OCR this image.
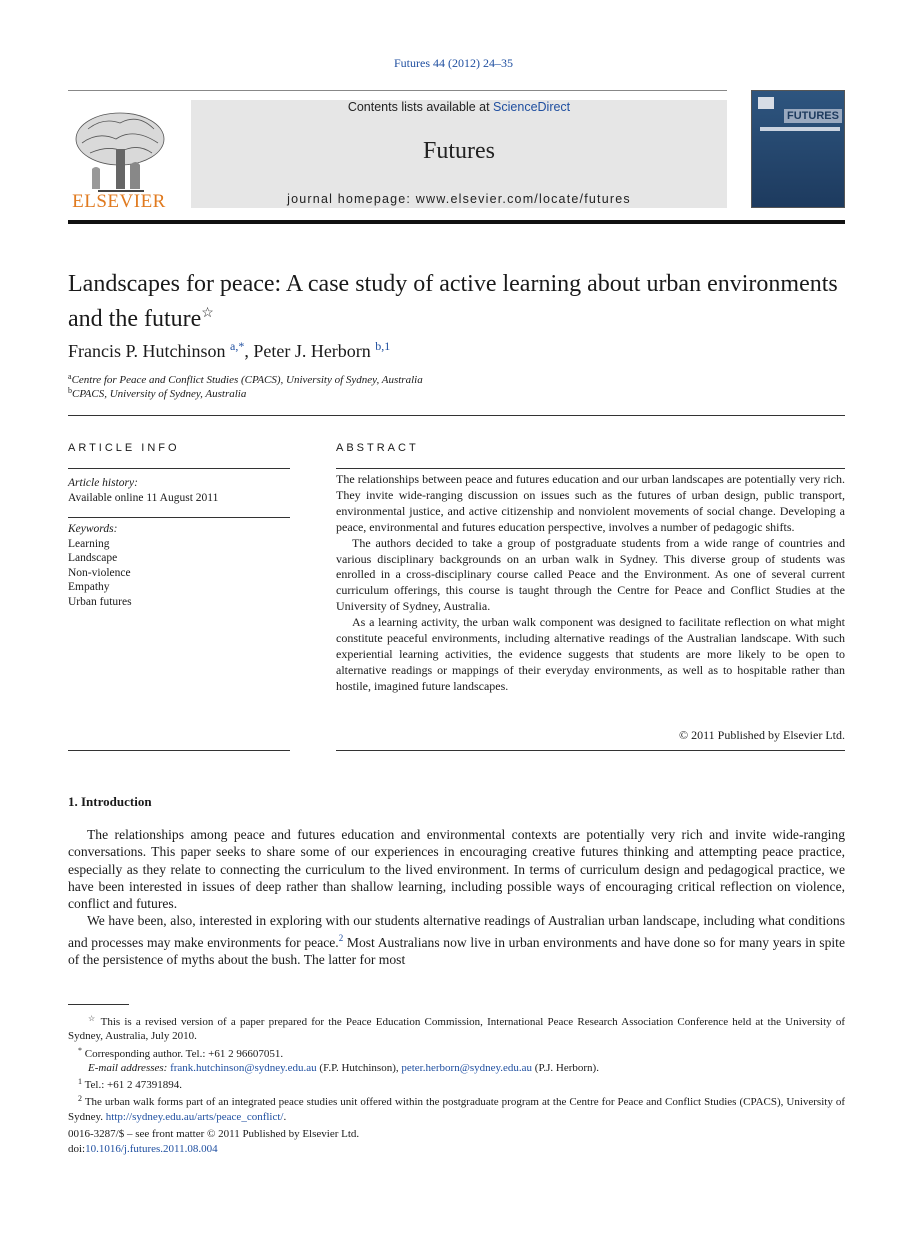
Futures 44 (2012) 24–35
ELSEVIER
Contents lists available at ScienceDirect
Futures
journal homepage: www.elsevier.com/locate/futures
FUTURES
Landscapes for peace: A case study of active learning about urban environments and the future☆
Francis P. Hutchinson $^{a,*}$, Peter J. Herborn $^{b,1}$
$^a$Centre for Peace and Conflict Studies (CPACS), University of Sydney, Australia
$^b$CPACS, University of Sydney, Australia
ARTICLE INFO
Article history:
Available online 11 August 2011
Keywords:
Learning
Landscape
Non-violence
Empathy
Urban futures
ABSTRACT

The relationships between peace and futures education and our urban landscapes are potentially very rich. They invite wide-ranging discussion on issues such as the futures of urban design, public transport, environmental justice, and active citizenship and nonviolent movements of social change. Developing a peace, environmental and futures education perspective, involves a number of pedagogic shifts.

The authors decided to take a group of postgraduate students from a wide range of countries and various disciplinary backgrounds on an urban walk in Sydney. This diverse group of students was enrolled in a cross-disciplinary course called Peace and the Environment. As one of several current curriculum offerings, this course is taught through the Centre for Peace and Conflict Studies at the University of Sydney, Australia.

As a learning activity, the urban walk component was designed to facilitate reflection on what might constitute peaceful environments, including alternative readings of the Australian landscape. With such experiential learning activities, the evidence suggests that students are more likely to be open to alternative readings or mappings of their everyday environments, as well as to hospitable rather than hostile, imagined future landscapes.

© 2011 Published by Elsevier Ltd.
1. Introduction

The relationships among peace and futures education and environmental contexts are potentially very rich and invite wide-ranging conversations. This paper seeks to share some of our experiences in encouraging creative futures thinking and attempting peace practice, especially as they relate to connecting the curriculum to the lived environment. In terms of curriculum design and pedagogical practice, we have been interested in issues of deep rather than shallow learning, including possible ways of encouraging critical reflection on violence, conflict and futures.

We have been, also, interested in exploring with our students alternative readings of Australian urban landscape, including what conditions and processes may make environments for peace.$^2$ Most Australians now live in urban environments and have done so for many years in spite of the persistence of myths about the bush. The latter for most

☆ This is a revised version of a paper prepared for the Peace Education Commission, International Peace Research Association Conference held at the University of Sydney, Australia, July 2010.

* Corresponding author. Tel.: +61 2 96607051.

E-mail addresses: frank.hutchinson@sydney.edu.au (F.P. Hutchinson), peter.herborn@sydney.edu.au (P.J. Herborn).

$^1$ Tel.: +61 2 47391894.

$^2$ The urban walk forms part of an integrated peace studies unit offered within the postgraduate program at the Centre for Peace and Conflict Studies (CPACS), University of Sydney. http://sydney.edu.au/arts/peace_conflict/.

0016-3287/$ – see front matter © 2011 Published by Elsevier Ltd.
doi:10.1016/j.futures.2011.08.004
